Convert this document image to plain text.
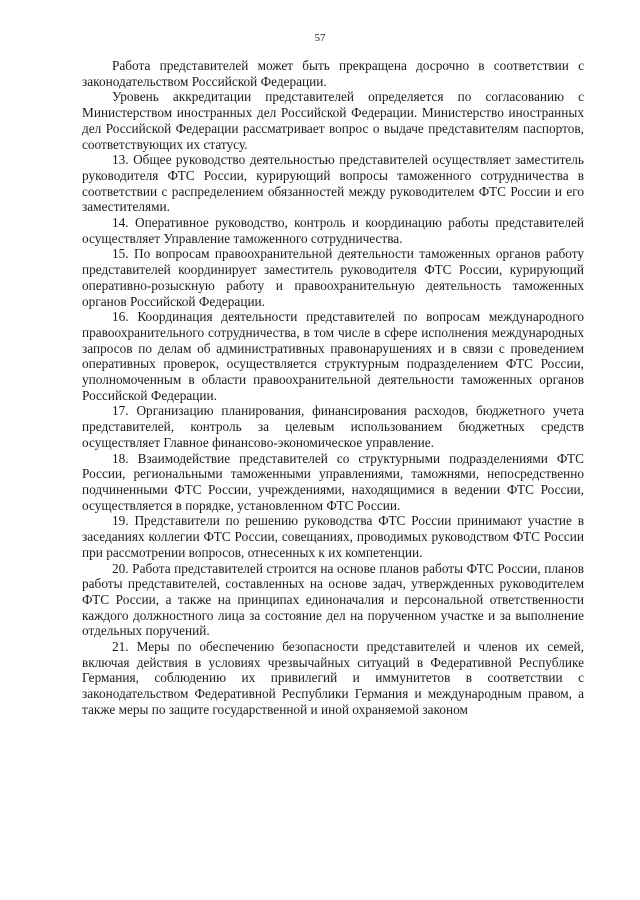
57

Работа представителей может быть прекращена досрочно в соответствии с законодательством Российской Федерации.

Уровень аккредитации представителей определяется по согласованию с Министерством иностранных дел Российской Федерации. Министерство иностранных дел Российской Федерации рассматривает вопрос о выдаче представителям паспортов, соответствующих их статусу.

13. Общее руководство деятельностью представителей осуществляет заместитель руководителя ФТС России, курирующий вопросы таможенного сотрудничества в соответствии с распределением обязанностей между руководителем ФТС России и его заместителями.

14. Оперативное руководство, контроль и координацию работы представителей осуществляет Управление таможенного сотрудничества.

15. По вопросам правоохранительной деятельности таможенных органов работу представителей координирует заместитель руководителя ФТС России, курирующий оперативно-розыскную работу и правоохранительную деятельность таможенных органов Российской Федерации.

16. Координация деятельности представителей по вопросам международного правоохранительного сотрудничества, в том числе в сфере исполнения международных запросов по делам об административных правонарушениях и в связи с проведением оперативных проверок, осуществляется структурным подразделением ФТС России, уполномоченным в области правоохранительной деятельности таможенных органов Российской Федерации.

17. Организацию планирования, финансирования расходов, бюджетного учета представителей, контроль за целевым использованием бюджетных средств осуществляет Главное финансово-экономическое управление.

18. Взаимодействие представителей со структурными подразделениями ФТС России, региональными таможенными управлениями, таможнями, непосредственно подчиненными ФТС России, учреждениями, находящимися в ведении ФТС России, осуществляется в порядке, установленном ФТС России.

19. Представители по решению руководства ФТС России принимают участие в заседаниях коллегии ФТС России, совещаниях, проводимых руководством ФТС России при рассмотрении вопросов, отнесенных к их компетенции.

20. Работа представителей строится на основе планов работы ФТС России, планов работы представителей, составленных на основе задач, утвержденных руководителем ФТС России, а также на принципах единоначалия и персональной ответственности каждого должностного лица за состояние дел на порученном участке и за выполнение отдельных поручений.

21. Меры по обеспечению безопасности представителей и членов их семей, включая действия в условиях чрезвычайных ситуаций в Федеративной Республике Германия, соблюдению их привилегий и иммунитетов в соответствии с законодательством Федеративной Республики Германия и международным правом, а также меры по защите государственной и иной охраняемой законом
